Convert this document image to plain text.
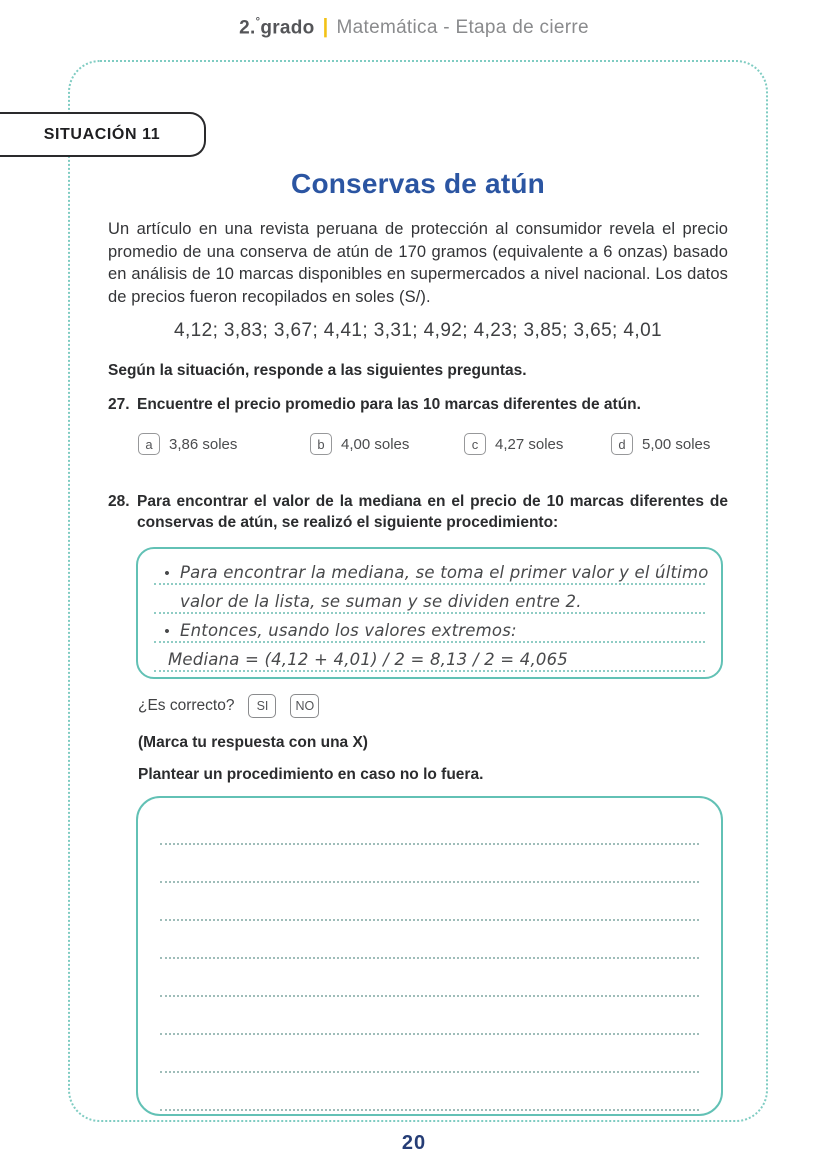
2.°grado | Matemática - Etapa de cierre
SITUACIÓN 11
Conservas de atún
Un artículo en una revista peruana de protección al consumidor revela el precio promedio de una conserva de atún de 170 gramos (equivalente a 6 onzas) basado en análisis de 10 marcas disponibles en supermercados a nivel nacional. Los datos de precios fueron recopilados en soles (S/).
4,12; 3,83; 3,67; 4,41; 3,31; 4,92; 4,23; 3,85; 3,65; 4,01
Según la situación, responde a las siguientes preguntas.
27. Encuentre el precio promedio para las 10 marcas diferentes de atún.
a	3,86 soles	b	4,00 soles	c	4,27 soles	d	5,00 soles
28. Para encontrar el valor de la mediana en el precio de 10 marcas diferentes de conservas de atún, se realizó el siguiente procedimiento:
• Para encontrar la mediana, se toma el primer valor y el último
valor de la lista, se suman y se dividen entre 2.
• Entonces, usando los valores extremos:
Mediana = (4,12 + 4,01) / 2 = 8,13 / 2 = 4,065
¿Es correcto?	SI	NO
(Marca tu respuesta con una X)
Plantear un procedimiento en caso no lo fuera.
20
